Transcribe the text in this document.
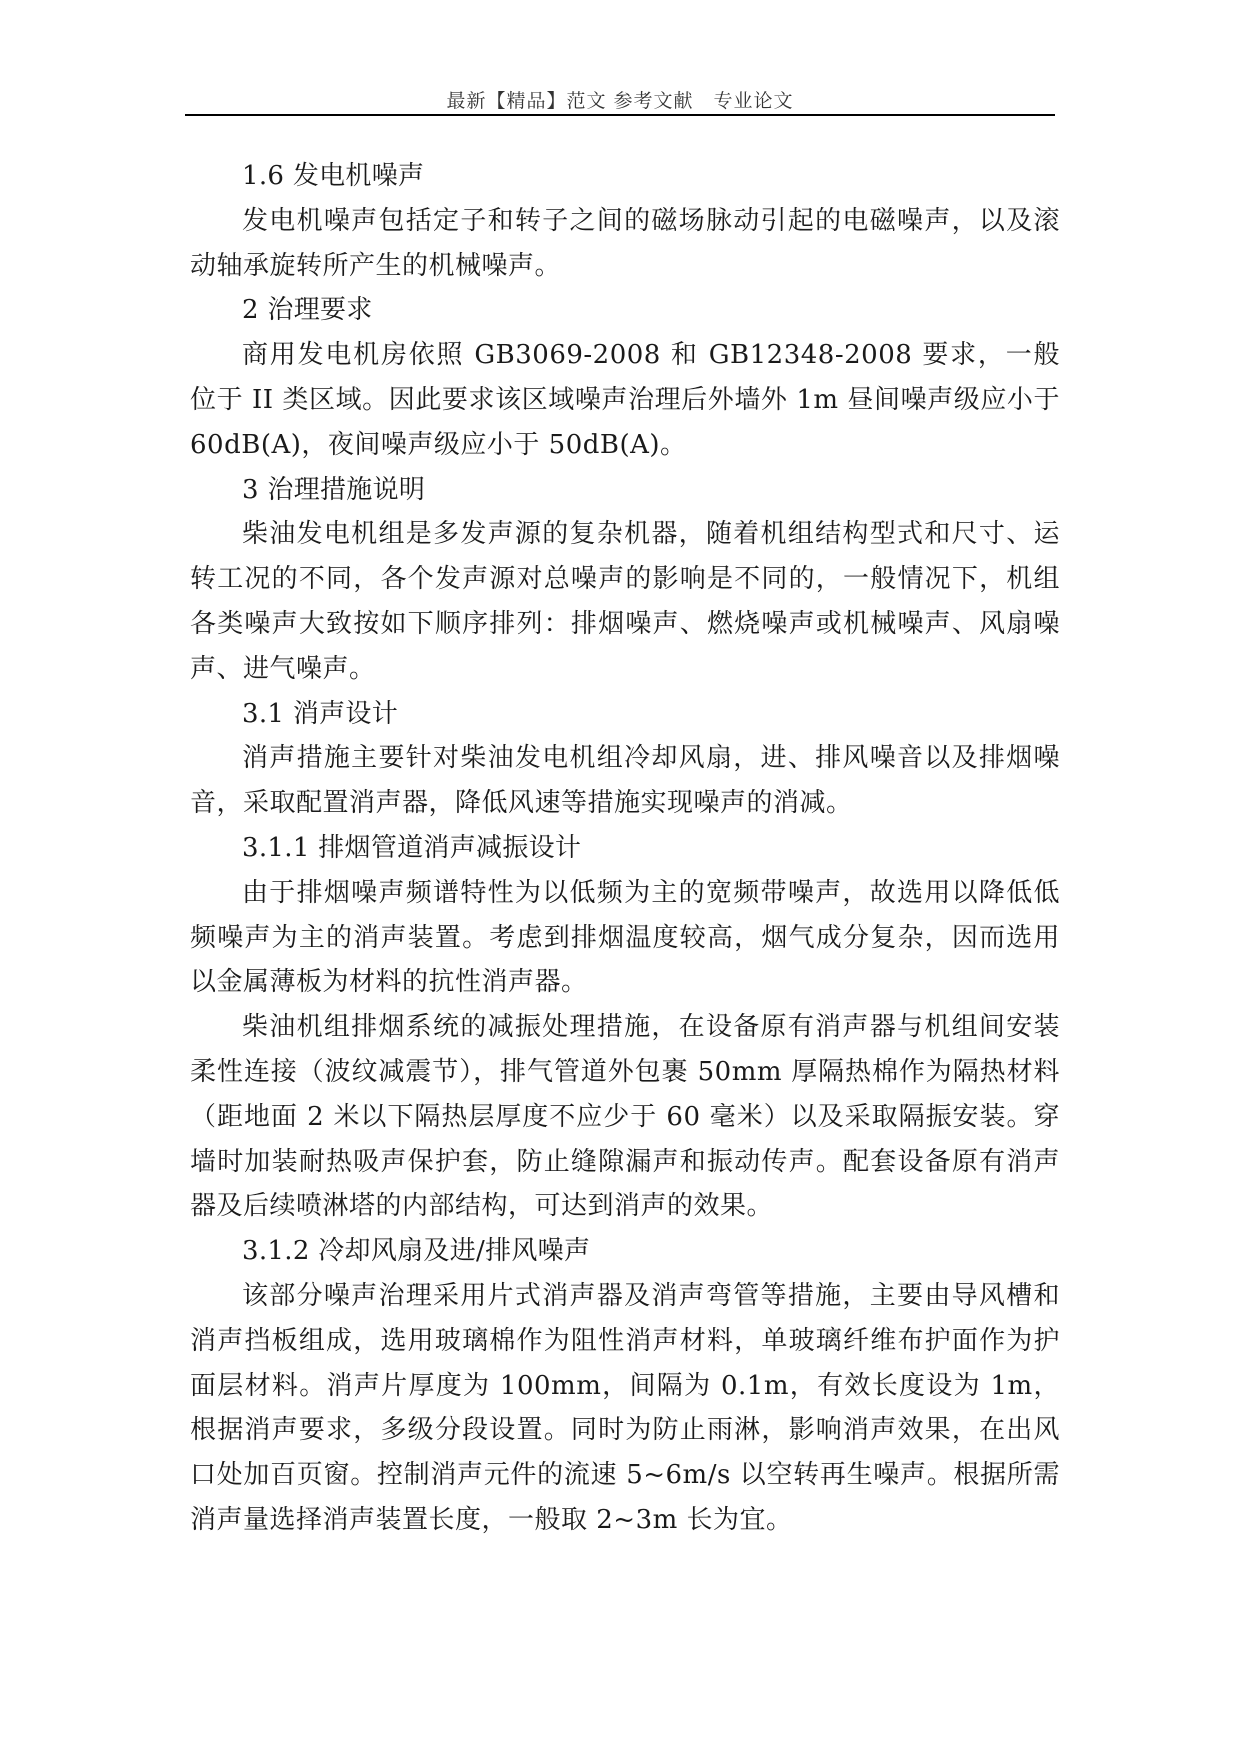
最新【精品】范文 参考文献　专业论文

1.6 发电机噪声

发电机噪声包括定子和转子之间的磁场脉动引起的电磁噪声，以及滚动轴承旋转所产生的机械噪声。

2 治理要求

商用发电机房依照 GB3069-2008 和 GB12348-2008 要求，一般位于 II 类区域。因此要求该区域噪声治理后外墙外 1m 昼间噪声级应小于 60dB(A)，夜间噪声级应小于 50dB(A)。

3 治理措施说明

柴油发电机组是多发声源的复杂机器，随着机组结构型式和尺寸、运转工况的不同，各个发声源对总噪声的影响是不同的，一般情况下，机组各类噪声大致按如下顺序排列：排烟噪声、燃烧噪声或机械噪声、风扇噪声、进气噪声。

3.1 消声设计

消声措施主要针对柴油发电机组冷却风扇，进、排风噪音以及排烟噪音，采取配置消声器，降低风速等措施实现噪声的消减。

3.1.1 排烟管道消声减振设计

由于排烟噪声频谱特性为以低频为主的宽频带噪声，故选用以降低低频噪声为主的消声装置。考虑到排烟温度较高，烟气成分复杂，因而选用以金属薄板为材料的抗性消声器。

柴油机组排烟系统的减振处理措施，在设备原有消声器与机组间安装柔性连接（波纹减震节），排气管道外包裹 50mm 厚隔热棉作为隔热材料（距地面 2 米以下隔热层厚度不应少于 60 毫米）以及采取隔振安装。穿墙时加装耐热吸声保护套，防止缝隙漏声和振动传声。配套设备原有消声器及后续喷淋塔的内部结构，可达到消声的效果。

3.1.2 冷却风扇及进/排风噪声

该部分噪声治理采用片式消声器及消声弯管等措施，主要由导风槽和消声挡板组成，选用玻璃棉作为阻性消声材料，单玻璃纤维布护面作为护面层材料。消声片厚度为 100mm，间隔为 0.1m，有效长度设为 1m，根据消声要求，多级分段设置。同时为防止雨淋，影响消声效果，在出风口处加百页窗。控制消声元件的流速 5~6m/s 以空转再生噪声。根据所需消声量选择消声装置长度，一般取 2~3m 长为宜。
